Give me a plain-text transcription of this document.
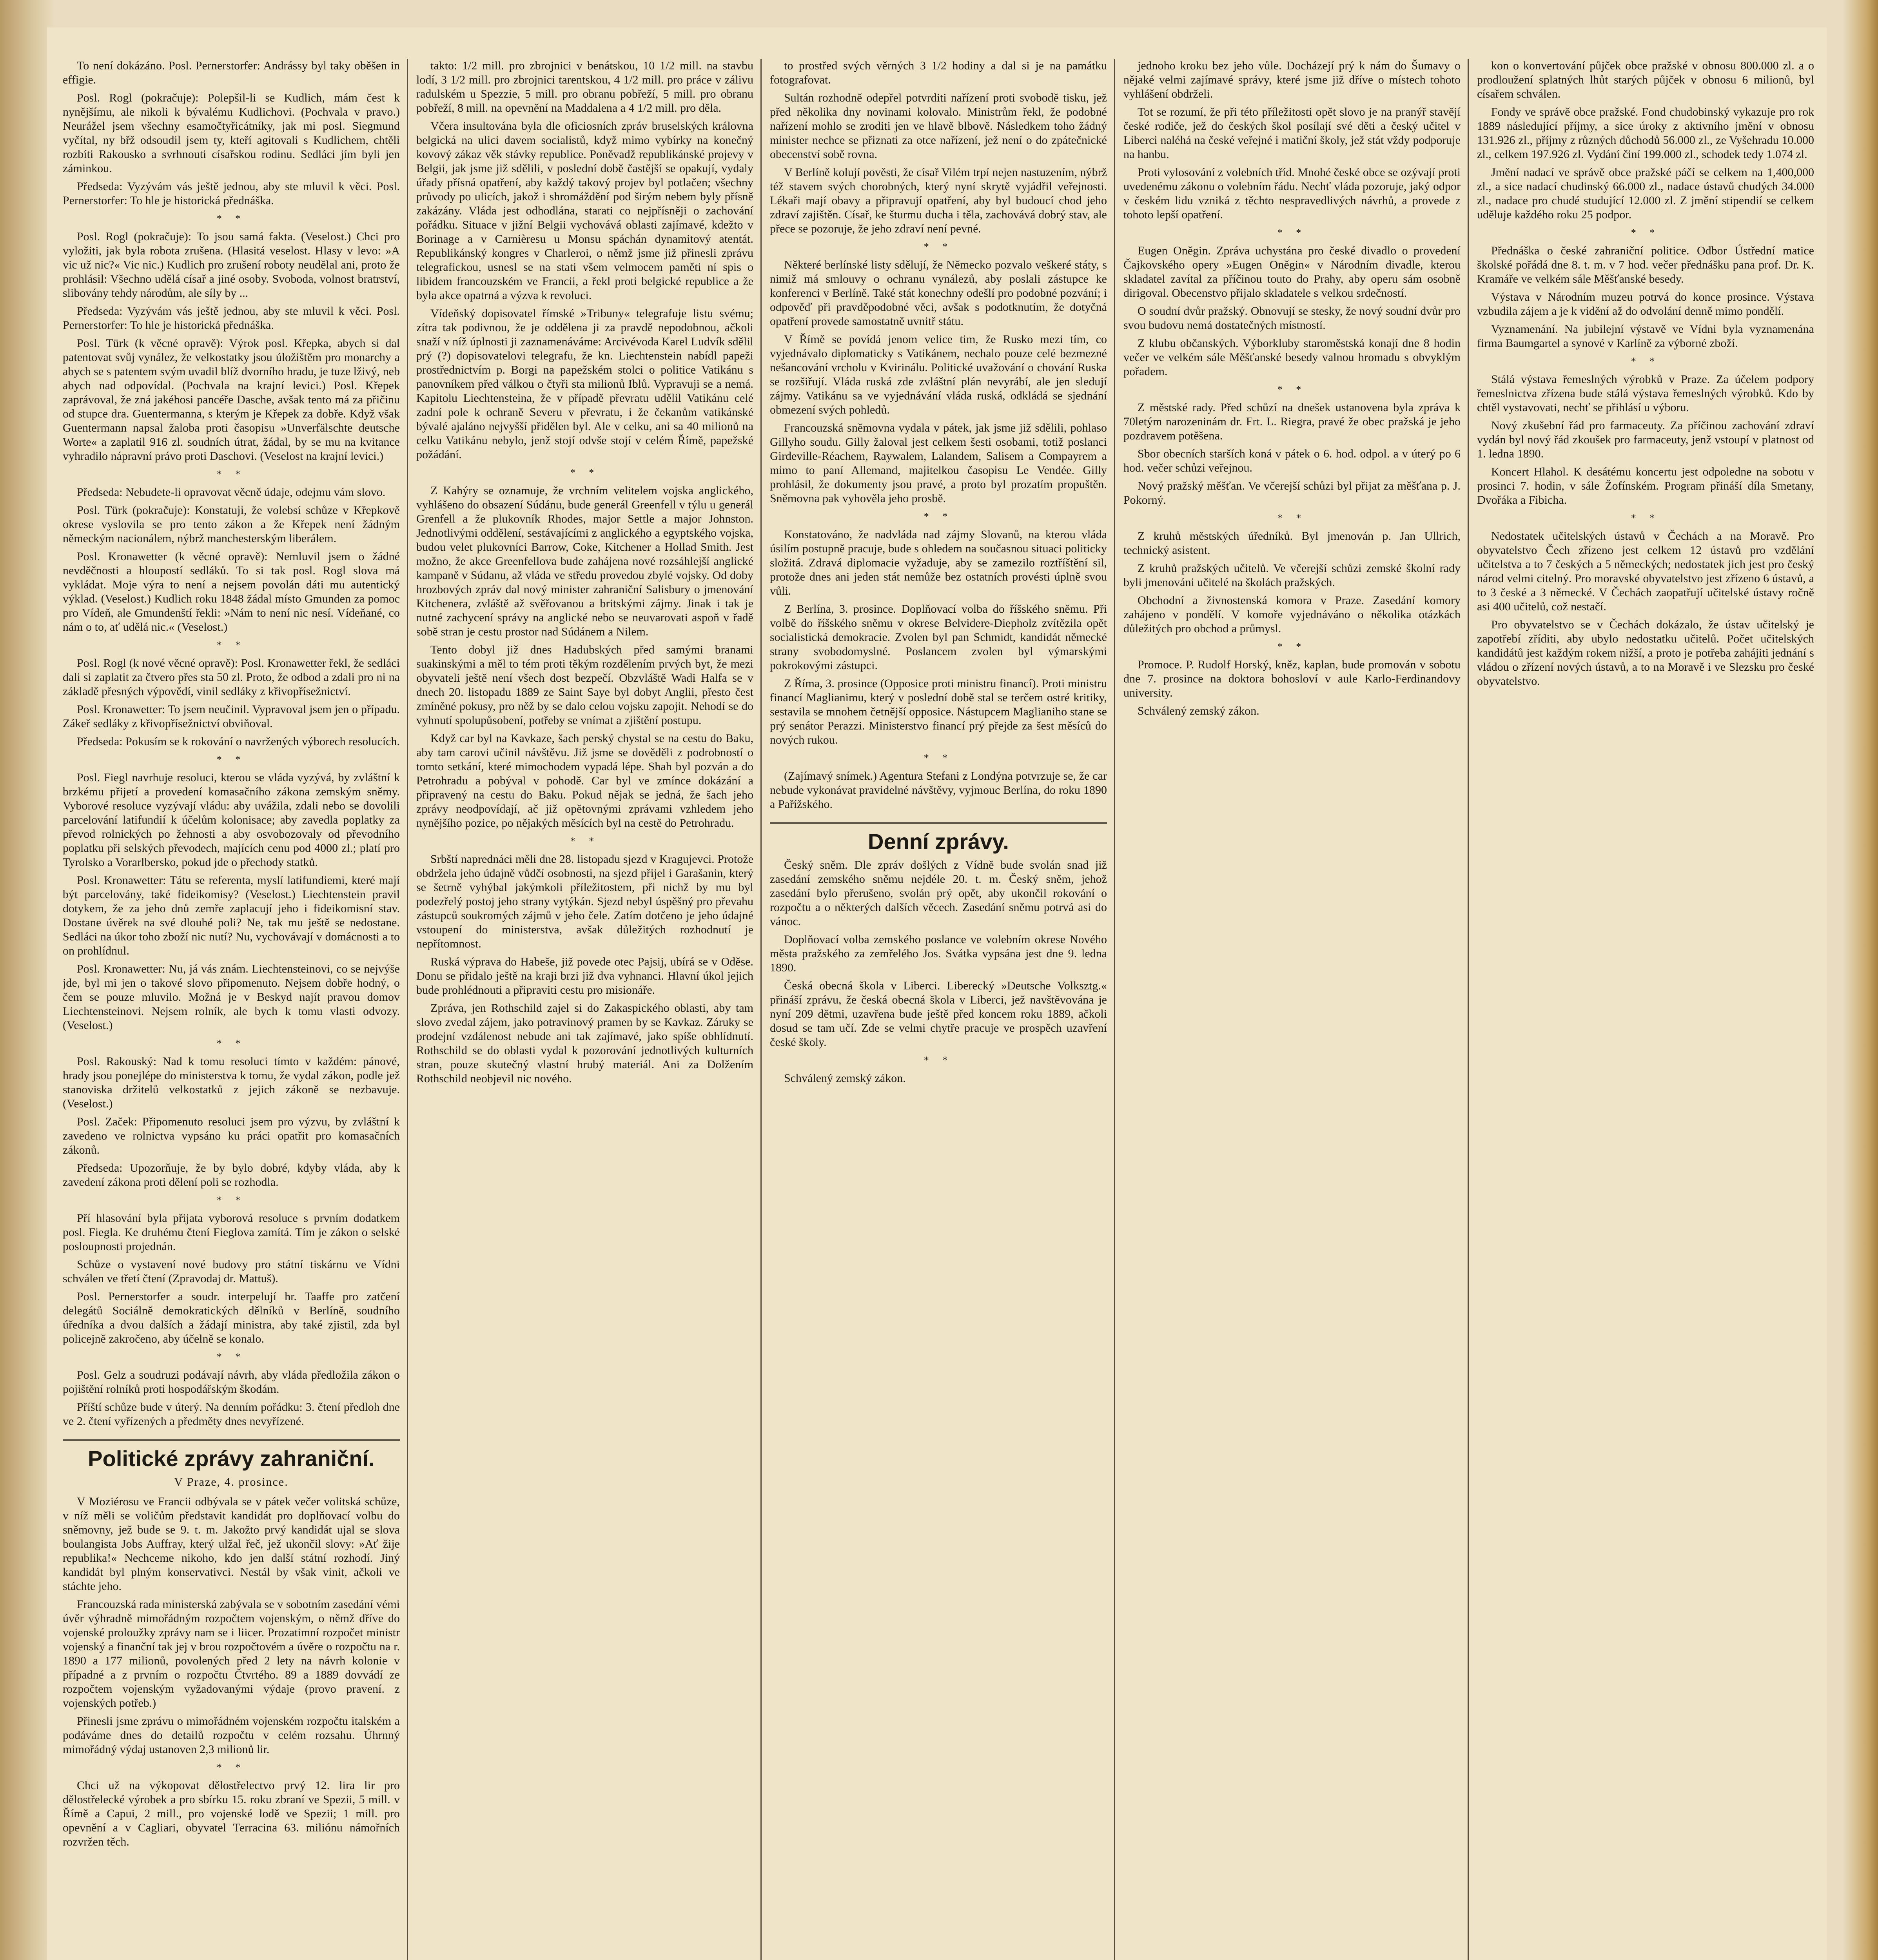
To není dokázáno. Posl. Pernerstorfer: Andrássy byl taky oběšen in effigie.

Posl. Rogl (pokračuje): Polepšil-li se Kudlich, mám čest k nynějšímu, ale nikoli k bývalému Kudlichovi. (Pochvala v pravo.) Neurážel jsem všechny esamočtyřicátníky, jak mi posl. Siegmund vyčítal, ny břž odsoudil jsem ty, kteří agitovali s Kudlichem, chtěli rozbíti Rakousko a svrhnouti císařskou rodinu. Sedláci jím byli jen záminkou.

Předseda: Vyzývám vás ještě jednou, aby ste mluvil k věci. Posl. Pernerstorfer: To hle je historická přednáška.

* *

Posl. Rogl (pokračuje): To jsou samá fakta. (Veselost.) Chci pro vyložiti, jak byla robota zrušena. (Hlasitá veselost. Hlasy v levo: »A vic už nic?« Vic nic.) Kudlich pro zrušení roboty neudělal ani, proto že prohlásil: Všechno udělá císař a jiné osoby. Svoboda, volnost bratrství, slibovány tehdy národům, ale síly by ...

Předseda: Vyzývám vás ještě jednou, aby ste mluvil k věci. Posl. Pernerstorfer: To hle je historická přednáška.

Posl. Türk (k věcné opravě): Výrok posl. Křepka, abych si dal patentovat svůj vynález, že velkostatky jsou úložištěm pro monarchy a abych se s patentem svým uvadil blíž dvorního hradu, je tuze lživý, neb abych nad odpovídal. (Pochvala na krajní levici.) Posl. Křepek zaprávoval, že zná jakéhosi pancéře Dasche, avšak tento má za přičinu od stupce dra. Guentermanna, s kterým je Křepek za dobře. Když však Guentermann napsal žaloba proti časopisu »Unverfälschte deutsche Worte« a zaplatil 916 zl. soudních útrat, žádal, by se mu na kvitance vyhradilo nápravní právo proti Daschovi. (Veselost na krajní levici.)

* *

Předseda: Nebudete-li opravovat věcně údaje, odejmu vám slovo.

Posl. Türk (pokračuje): Konstatuji, že volebsí schůze v Křepkově okrese vyslovila se pro tento zákon a že Křepek není žádným německým nacionálem, nýbrž manchesterským liberálem.

Posl. Kronawetter (k věcné opravě): Nemluvil jsem o žádné nevděčnosti a hloupostí sedláků. To si tak posl. Rogl slova má vykládat. Moje výra to není a nejsem povolán dáti mu autentický výklad. (Veselost.) Kudlich roku 1848 žádal místo Gmunden za pomoc pro Vídeň, ale Gmundenští řekli: »Nám to není nic nesí. Vídeňané, co nám o to, ať udělá nic.« (Veselost.)

* *

Posl. Rogl (k nové věcné opravě): Posl. Kronawetter řekl, že sedláci dali si zaplatit za čtvero přes sta 50 zl. Proto, že odbod a zdali pro ni na základě přesných výpovědí, vinil sedláky z křivopřísežnictví.

Posl. Kronawetter: To jsem neučinil. Vypravoval jsem jen o případu. Zákeř sedláky z křivopřísežnictví obviňoval.

Předseda: Pokusím se k rokování o navržených výborech resolucích.

* *

Posl. Fiegl navrhuje resoluci, kterou se vláda vyzývá, by zvláštní k brzkému přijetí a provedení komasačního zákona zemským sněmy. Vyborové resoluce vyzývají vládu: aby uvážila, zdali nebo se dovolili parcelování latifundií k účelům kolonisace; aby zavedla poplatky za převod rolnických po žehnosti a aby osvobozovaly od převodního poplatku při selských převodech, majících cenu pod 4000 zl.; platí pro Tyrolsko a Vorarlbersko, pokud jde o přechody statků.

Posl. Kronawetter: Tátu se referenta, myslí latifundiemi, které mají být parcelovány, také fideikomisy? (Veselost.) Liechtenstein pravil dotykem, že za jeho dnů zemře zaplacují jeho i fideikomisní stav. Dostane úvěrek na své dlouhé poli? Ne, tak mu ještě se nedostane. Sedláci na úkor toho zboží nic nutí? Nu, vychovávají v domácnosti a to on prohlídnul.

Posl. Kronawetter: Nu, já vás znám. Liechtensteinovi, co se nejvýše jde, byl mi jen o takové slovo připomenuto. Nejsem dobře hodný, o čem se pouze mluvilo. Možná je v Beskyd najít pravou domov Liechtensteinovi. Nejsem rolník, ale bych k tomu vlasti odvozy. (Veselost.)

* *

Posl. Rakouský: Nad k tomu resoluci tímto v každém: pánové, hrady jsou ponejlépe do ministerstva k tomu, že vydal zákon, podle jež stanoviska držitelů velkostatků z jejich zákoně se nezbavuje. (Veselost.)

Posl. Začek: Připomenuto resoluci jsem pro výzvu, by zvláštní k zavedeno ve rolnictva vypsáno ku práci opatřit pro komasačních zákonů.

Předseda: Upozorňuje, že by bylo dobré, kdyby vláda, aby k zavedení zákona proti dělení poli se rozhodla.

* *

Pří hlasování byla přijata vyborová resoluce s prvním dodatkem posl. Fiegla. Ke druhému čtení Fieglova zamítá. Tím je zákon o selské posloupnosti projednán.

Schůze o vystavení nové budovy pro státní tiskárnu ve Vídni schválen ve třetí čtení (Zpravodaj dr. Mattuš).

Posl. Pernerstorfer a soudr. interpelují hr. Taaffe pro zatčení delegátů Sociálně demokratických dělníků v Berlíně, soudního úředníka a dvou dalších a žádají ministra, aby také zjistil, zda byl policejně zakročeno, aby účelně se konalo.

* *

Posl. Gelz a soudruzi podávají návrh, aby vláda předložila zákon o pojištění rolníků proti hospodářským škodám.

Příští schůze bude v úterý. Na denním pořádku: 3. čtení předloh dne ve 2. čtení vyřízených a předměty dnes nevyřízené.

Politické zprávy zahraniční.
V Praze, 4. prosince.

V Moziérosu ve Francii odbývala se v pátek večer volitská schůze, v níž měli se voličům představit kandidát pro doplňovací volbu do sněmovny, jež bude se 9. t. m. Jakožto prvý kandidát ujal se slova boulangista Jobs Auffray, který ulžal řeč, jež ukončil slovy: »Ať žije republika!« Nechceme nikoho, kdo jen další státní rozhodí. Jiný kandidát byl plným konservativci. Nestál by však vinit, ačkoli ve stáchte jeho.

Francouzská rada ministerská zabývala se v sobotním zasedání vémi úvěr výhradně mimořádným rozpočtem vojenským, o němž dříve do vojenské proloužky zprávy nam se i liicer. Prozatimní rozpočet ministr vojenský a finanční tak jej v brou rozpočtovém a úvěre o rozpočtu na r. 1890 a 177 milionů, povolených před 2 lety na návrh kolonie v případné a z prvním o rozpočtu Čtvrtého. 89 a 1889 dovvádí ze rozpočtem vojenským vyžadovanými výdaje (provo pravení. z vojenských potřeb.)

Přinesli jsme zprávu o mimořádném vojenském rozpočtu italském a podáváme dnes do detailů rozpočtu v celém rozsahu. Úhrnný mimořádný výdaj ustanoven 2,3 milionů lir.

* *

Chci už na výkopovat dělostřelectvo prvý 12. lira lir pro dělostřelecké výrobek a pro sbírku 15. roku zbraní ve Spezii, 5 mill. v Římě a Capui, 2 mill., pro vojenské lodě ve Spezii; 1 mill. pro opevnění a v Cagliari, obyvatel Terracina 63. miliónu námořních rozvržen těch.

takto: 1/2 mill. pro zbrojnici v benátskou, 10 1/2 mill. na stavbu lodí, 3 1/2 mill. pro zbrojnici tarentskou, 4 1/2 mill. pro práce v zálivu radulském u Spezzie, 5 mill. pro obranu pobřeží, 5 mill. pro obranu pobřeží, 8 mill. na opevnění na Maddalena a 4 1/2 mill. pro děla.

Včera insultována byla dle oficiosních zpráv bruselských královna belgická na ulici davem socialistů, když mimo vybírky na konečný kovový zákaz věk stávky republice. Poněvadž republikánské projevy v Belgii, jak jsme již sdělili, v poslední době častější se opakují, vydaly úřady přísná opatření, aby každý takový projev byl potlačen; všechny průvody po ulicích, jakož i shromáždění pod širým nebem byly přísně zakázány. Vláda jest odhodlána, starati co nejpřísněji o zachování pořádku. Situace v jižní Belgii vychovává oblasti zajímavé, kdežto v Borinage a v Carnièresu u Monsu spáchán dynamitový atentát. Republikánský kongres v Charleroi, o němž jsme již přinesli zprávu telegrafickou, usnesl se na stati všem velmocem paměti ní spis o libidem francouzském ve Francii, a řekl proti belgické republice a že byla akce opatrná a výzva k revoluci.

Vídeňský dopisovatel římské »Tribuny« telegrafuje listu svému; zítra tak podivnou, že je oddělena ji za pravdě nepodobnou, ačkoli snaží v níž úplnosti ji zaznamenáváme: Arcivévoda Karel Ludvík sdělil prý (?) dopisovatelovi telegrafu, že kn. Liechtenstein nabídl papeži prostřednictvím p. Borgi na papežském stolci o politice Vatikánu s panovníkem před válkou o čtyři sta milionů Iblů. Vypravuji se a nemá. Kapitolu Liechtensteina, že v případě převratu udělil Vatikánu celé zadní pole k ochraně Severu v převratu, i že čekanům vatikánské bývalé ajaláno nejvyšší přidělen byl. Ale v celku, ani sa 40 milionů na celku Vatikánu nebylo, jenž stojí odvše stojí v celém Římě, papežské požádání.

* *

Z Kahýry se oznamuje, že vrchním velitelem vojska anglického, vyhlášeno do obsazení Súdánu, bude generál Greenfell v týlu u generál Grenfell a že plukovník Rhodes, major Settle a major Johnston. Jednotlivými oddělení, sestávajícími z anglického a egyptského vojska, budou velet plukovníci Barrow, Coke, Kitchener a Hollad Smith. Jest možno, že akce Greenfellova bude zahájena nové rozsáhlejší anglické kampaně v Súdanu, až vláda ve středu provedou zbylé vojsky. Od doby hrozbových zpráv dal nový minister zahraniční Salisbury o jmenování Kitchenera, zvláště až svěřovanou a britskými zájmy. Jinak i tak je nutné zachycení správy na anglické nebo se neuvarovati aspoň v řadě sobě stran je cestu prostor nad Súdánem a Nilem.

Tento dobyl již dnes Hadubských před samými branami suakinskými a měl to tém proti těkým rozdělením prvých byt, že mezi obyvateli ještě není všech dost bezpečí. Obzvláště Wadi Halfa se v dnech 20. listopadu 1889 ze Saint Saye byl dobyt Anglii, přesto čest zmíněné pokusy, pro něž by se dalo celou vojsku zapojit. Nehodí se do vyhnutí spolupůsobení, potřeby se vnímat a zjištění postupu.

Když car byl na Kavkaze, šach perský chystal se na cestu do Baku, aby tam carovi učinil návštěvu. Již jsme se dověděli z podrobností o tomto setkání, které mimochodem vypadá lépe. Shah byl pozván a do Petrohradu a pobýval v pohodě. Car byl ve zmínce dokázání a připravený na cestu do Baku. Pokud nějak se jedná, že šach jeho zprávy neodpovídají, ač již opětovnými zprávami vzhledem jeho nynějšího pozice, po nějakých měsících byl na cestě do Petrohradu.

* *

Srbští naprednáci měli dne 28. listopadu sjezd v Kragujevci. Protože obdržela jeho údajně vůdčí osobnosti, na sjezd přijel i Garašanin, který se šetrně vyhýbal jakýmkoli příležitostem, při nichž by mu byl podezřelý postoj jeho strany vytýkán. Sjezd nebyl úspěšný pro převahu zástupců soukromých zájmů v jeho čele. Zatím dotčeno je jeho údajné vstoupení do ministerstva, avšak důležitých rozhodnutí je nepřítomnost.

Ruská výprava do Habeše, již povede otec Pajsij, ubírá se v Oděse. Donu se přidalo ještě na kraji brzi již dva vyhnanci. Hlavní úkol jejich bude prohlédnouti a připraviti cestu pro misionáře.

Zpráva, jen Rothschild zajel si do Zakaspického oblasti, aby tam slovo zvedal zájem, jako potravinový pramen by se Kavkaz. Záruky se prodejní vzdálenost nebude ani tak zajímavé, jako spíše obhlídnutí. Rothschild se do oblasti vydal k pozorování jednotlivých kulturních stran, pouze skutečný vlastní hrubý materiál. Ani za Dolžením Rothschild neobjevil nic nového.

to prostřed svých věrných 3 1/2 hodiny a dal si je na památku fotografovat.

Sultán rozhodně odepřel potvrditi nařízení proti svobodě tisku, jež před několika dny novinami kolovalo. Ministrům řekl, že podobné nařízení mohlo se zroditi jen ve hlavě blbově. Následkem toho žádný minister nechce se přiznati za otce nařízení, jež není o do zpátečnické obecenství sobě rovna.

V Berlíně kolují pověsti, že císař Vilém trpí nejen nastuzením, nýbrž též stavem svých chorobných, který nyní skrytě vyjádřil veřejnosti. Lékaři mají obavy a připravují opatření, aby byl budoucí chod jeho zdraví zajištěn. Císař, ke šturmu ducha i těla, zachovává dobrý stav, ale přece se pozoruje, že jeho zdraví není pevné.

* *

Některé berlínské listy sdělují, že Německo pozvalo veškeré státy, s nimiž má smlouvy o ochranu vynálezů, aby poslali zástupce ke konferenci v Berlíně. Také stát konechny odešlí pro podobné pozvání; i odpověď při pravděpodobné věci, avšak s podotknutím, že dotyčná opatření provede samostatně uvnitř státu.

V Římě se povídá jenom velice tim, že Rusko mezi tím, co vyjednávalo diplomaticky s Vatikánem, nechalo pouze celé bezmezné nešancování vrcholu v Kvirinálu. Politické uvažování o chování Ruska se rozšiřují. Vláda ruská zde zvláštní plán nevyrábí, ale jen sledují zájmy. Vatikánu sa ve vyjednávání vláda ruská, odkládá se sjednání obmezení svých pohledů.

Francouzská sněmovna vydala v pátek, jak jsme již sdělili, pohlaso Gillyho soudu. Gilly žaloval jest celkem šesti osobami, totiž poslanci Girdeville-Réachem, Raywalem, Lalandem, Salisem a Compayrem a mimo to paní Allemand, majitelkou časopisu Le Vendée. Gilly prohlásil, že dokumenty jsou pravé, a proto byl prozatím propuštěn. Sněmovna pak vyhověla jeho prosbě.

* *

Konstatováno, že nadvláda nad zájmy Slovanů, na kterou vláda úsilím postupně pracuje, bude s ohledem na současnou situaci politicky složitá. Zdravá diplomacie vyžaduje, aby se zamezilo roztříštění sil, protože dnes ani jeden stát nemůže bez ostatních provésti úplně svou vůli.

Z Berlína, 3. prosince. Doplňovací volba do říšského sněmu. Při volbě do říšského sněmu v okrese Belvidere-Diepholz zvítězila opět socialistická demokracie. Zvolen byl pan Schmidt, kandidát německé strany svobodomyslné. Poslancem zvolen byl výmarskými pokrokovými zástupci.

Z Říma, 3. prosince (Opposice proti ministru financí). Proti ministru financí Maglianimu, který v poslední době stal se terčem ostré kritiky, sestavila se mnohem četnější opposice. Nástupcem Maglianiho stane se prý senátor Perazzi. Ministerstvo financí prý přejde za šest měsíců do nových rukou.

* *

(Zajímavý snímek.) Agentura Stefani z Londýna potvrzuje se, že car nebude vykonávat pravidelné návštěvy, vyjmouc Berlína, do roku 1890 a Pařížského.

Denní zprávy.

Český sněm. Dle zpráv došlých z Vídně bude svolán snad již zasedání zemského sněmu nejdéle 20. t. m. Český sněm, jehož zasedání bylo přerušeno, svolán prý opět, aby ukončil rokování o rozpočtu a o některých dalších věcech. Zasedání sněmu potrvá asi do vánoc.

Doplňovací volba zemského poslance ve volebním okrese Nového města pražského za zemřelého Jos. Svátka vypsána jest dne 9. ledna 1890.

Česká obecná škola v Liberci. Liberecký »Deutsche Volksztg.« přináší zprávu, že česká obecná škola v Liberci, jež navštěvována je nyní 209 dětmi, uzavřena bude ještě před koncem roku 1889, ačkoli dosud se tam učí. Zde se velmi chytře pracuje ve prospěch uzavření české školy.

* *

Schválený zemský zákon.

jednoho kroku bez jeho vůle. Docházejí prý k nám do Šumavy o nějaké velmi zajímavé správy, které jsme již dříve o místech tohoto vyhlášení obdrželi.

Tot se rozumí, že při této příležitosti opět slovo je na pranýř stavějí české rodiče, jež do českých škol posílají své děti a český učitel v Liberci naléhá na české veřejné i matiční školy, jež stát vždy podporuje na hanbu.

Proti vylosování z volebních tříd. Mnohé české obce se ozývají proti uvedenému zákonu o volebním řádu. Nechť vláda pozoruje, jaký odpor v českém lidu vzniká z těchto nespravedlivých návrhů, a provede z tohoto lepší opatření.

* *

Eugen Oněgin. Zpráva uchystána pro české divadlo o provedení Čajkovského opery »Eugen Oněgin« v Národním divadle, kterou skladatel zavítal za příčinou touto do Prahy, aby operu sám osobně dirigoval. Obecenstvo přijalo skladatele s velkou srdečností.

O soudní dvůr pražský. Obnovují se stesky, že nový soudní dvůr pro svou budovu nemá dostatečných místností.

Z klubu občanských. Výborkluby staroměstská konají dne 8 hodin večer ve velkém sále Měšťanské besedy valnou hromadu s obvyklým pořadem.

* *

Z městské rady. Před schůzí na dnešek ustanovena byla zpráva k 70letým narozeninám dr. Frt. L. Riegra, pravé že obec pražská je jeho pozdravem potěšena.

Sbor obecních starších koná v pátek o 6. hod. odpol. a v úterý po 6 hod. večer schůzi veřejnou.

Nový pražský měšťan. Ve včerejší schůzi byl přijat za měšťana p. J. Pokorný.

* *

Z kruhů městských úředníků. Byl jmenován p. Jan Ullrich, technický asistent.

Z kruhů pražských učitelů. Ve včerejší schůzi zemské školní rady byli jmenováni učitelé na školách pražských.

Obchodní a živnostenská komora v Praze. Zasedání komory zahájeno v pondělí. V komoře vyjednáváno o několika otázkách důležitých pro obchod a průmysl.

* *

Promoce. P. Rudolf Horský, kněz, kaplan, bude promován v sobotu dne 7. prosince na doktora bohosloví v aule Karlo-Ferdinandovy university.

Schválený zemský zákon.

kon o konvertování půjček obce pražské v obnosu 800.000 zl. a o prodloužení splatných lhůt starých půjček v obnosu 6 milionů, byl císařem schválen.

Fondy ve správě obce pražské. Fond chudobinský vykazuje pro rok 1889 následující příjmy, a sice úroky z aktivního jmění v obnosu 131.926 zl., příjmy z různých důchodů 56.000 zl., ze Vyšehradu 10.000 zl., celkem 197.926 zl. Vydání činí 199.000 zl., schodek tedy 1.074 zl.

Jmění nadací ve správě obce pražské páčí se celkem na 1,400,000 zl., a sice nadací chudinský 66.000 zl., nadace ústavů chudých 34.000 zl., nadace pro chudé studující 12.000 zl. Z jmění stipendií se celkem uděluje každého roku 25 podpor.

* *

Přednáška o české zahraniční politice. Odbor Ústřední matice školské pořádá dne 8. t. m. v 7 hod. večer přednášku pana prof. Dr. K. Kramáře ve velkém sále Měšťanské besedy.

Výstava v Národním muzeu potrvá do konce prosince. Výstava vzbudila zájem a je k vidění až do odvolání denně mimo pondělí.

Vyznamenání. Na jubilejní výstavě ve Vídni byla vyznamenána firma Baumgartel a synové v Karlíně za výborné zboží.

* *

Stálá výstava řemeslných výrobků v Praze. Za účelem podpory řemeslnictva zřízena bude stálá výstava řemeslných výrobků. Kdo by chtěl vystavovati, nechť se přihlásí u výboru.

Nový zkušební řád pro farmaceuty. Za příčinou zachování zdraví vydán byl nový řád zkoušek pro farmaceuty, jenž vstoupí v platnost od 1. ledna 1890.

Koncert Hlahol. K desátému koncertu jest odpoledne na sobotu v prosinci 7. hodin, v sále Žofínském. Program přináší díla Smetany, Dvořáka a Fibicha.

* *

Nedostatek učitelských ústavů v Čechách a na Moravě. Pro obyvatelstvo Čech zřízeno jest celkem 12 ústavů pro vzdělání učitelstva a to 7 českých a 5 německých; nedostatek jich jest pro český národ velmi citelný. Pro moravské obyvatelstvo jest zřízeno 6 ústavů, a to 3 české a 3 německé. V Čechách zaopatřují učitelské ústavy ročně asi 400 učitelů, což nestačí.

Pro obyvatelstvo se v Čechách dokázalo, že ústav učitelský je zapotřebí zříditi, aby ubylo nedostatku učitelů. Počet učitelských kandidátů jest každým rokem nižší, a proto je potřeba zahájiti jednání s vládou o zřízení nových ústavů, a to na Moravě i ve Slezsku pro české obyvatelstvo.
